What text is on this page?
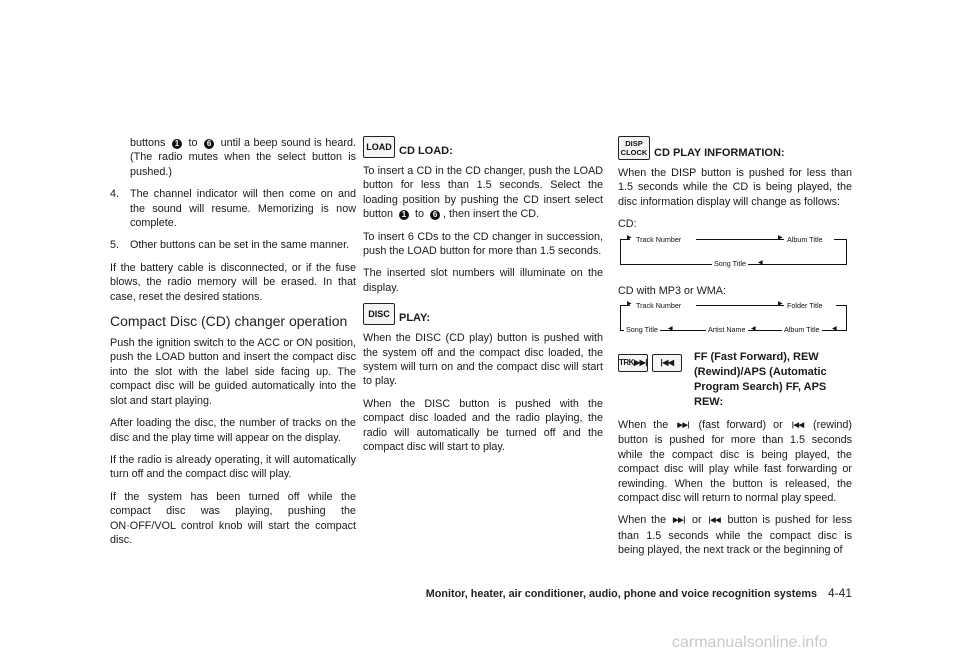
buttons 1 to 6 until a beep sound is heard. (The radio mutes when the select button is pushed.)

4. The channel indicator will then come on and the sound will resume. Memorizing is now complete.

5. Other buttons can be set in the same manner.

If the battery cable is disconnected, or if the fuse blows, the radio memory will be erased. In that case, reset the desired stations.

Compact Disc (CD) changer operation

Push the ignition switch to the ACC or ON position, push the LOAD button and insert the compact disc into the slot with the label side facing up. The compact disc will be guided automatically into the slot and start playing.

After loading the disc, the number of tracks on the disc and the play time will appear on the display.

If the radio is already operating, it will automatically turn off and the compact disc will play.

If the system has been turned off while the compact disc was playing, pushing the ON·OFF/VOL control knob will start the compact disc.

LOAD CD LOAD:

To insert a CD in the CD changer, push the LOAD button for less than 1.5 seconds. Select the loading position by pushing the CD insert select button 1 to 6 , then insert the CD.

To insert 6 CDs to the CD changer in succession, push the LOAD button for more than 1.5 seconds.

The inserted slot numbers will illuminate on the display.

DISC PLAY:

When the DISC (CD play) button is pushed with the system off and the compact disc loaded, the system will turn on and the compact disc will start to play.

When the DISC button is pushed with the compact disc loaded and the radio playing, the radio will automatically be turned off and the compact disc will start to play.

DISP
CLOCK CD PLAY INFORMATION:

When the DISP button is pushed for less than 1.5 seconds while the CD is being played, the disc information display will change as follows:

CD:

▶ Track Number	▶ Album Title
Song Title	◀

CD with MP3 or WMA:

▶ Track Number	▶ Folder Title
Song Title	◀	Artist Name ◀	Album Title	◀
TRK▶▶|	|◀◀	FF (Fast Forward), REW (Rewind)/APS (Automatic Program Search) FF, APS REW:

When the ▶▶| (fast forward) or |◀◀ (rewind) button is pushed for more than 1.5 seconds while the compact disc is being played, the compact disc will play while fast forwarding or rewinding. When the button is released, the compact disc will return to normal play speed.

When the ▶▶| or |◀◀ button is pushed for less than 1.5 seconds while the compact disc is being played, the next track or the beginning of

Monitor, heater, air conditioner, audio, phone and voice recognition systems 4-41
carmanualsonline.info
